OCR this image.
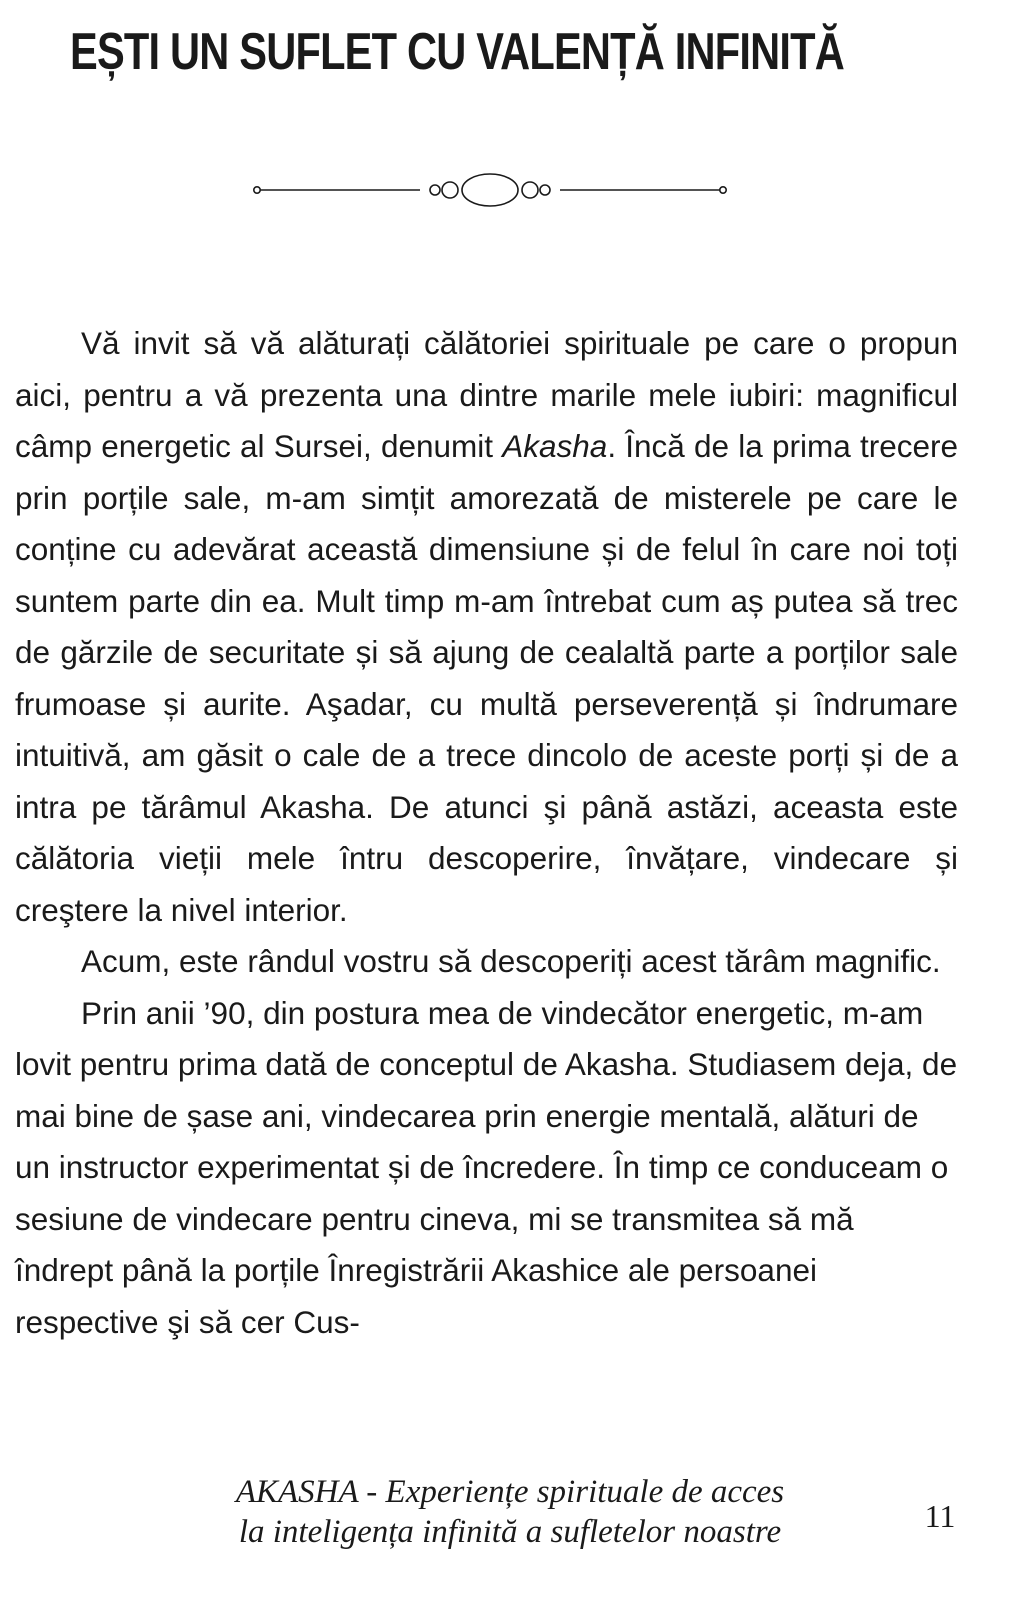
EȘTI UN SUFLET CU VALENȚĂ INFINITĂ

Vă invit să vă alăturați călătoriei spirituale pe care o propun aici, pentru a vă prezenta una dintre marile mele iubiri: magnificul câmp energetic al Sursei, denumit Akasha. Încă de la prima trecere prin porțile sale, m-am simțit amorezată de misterele pe care le conține cu adevărat această dimensiune și de felul în care noi toți suntem parte din ea. Mult timp m-am întrebat cum aș putea să trec de gărzile de securitate și să ajung de cealaltă parte a porților sale frumoase și aurite. Aşadar, cu multă perseverență și îndrumare intuitivă, am găsit o cale de a trece dincolo de aceste porți și de a intra pe tărâmul Akasha. De atunci şi până astăzi, aceasta este călătoria vieții mele întru descoperire, învățare, vindecare și creştere la nivel interior.

Acum, este rândul vostru să descoperiți acest tărâm magnific.

Prin anii ’90, din postura mea de vindecător energetic, m-am lovit pentru prima dată de conceptul de Akasha. Studiasem deja, de mai bine de șase ani, vindecarea prin energie mentală, alături de un instructor experimentat și de încredere. În timp ce conduceam o sesiune de vindecare pentru cineva, mi se transmitea să mă îndrept până la porțile Înregistrării Akashice ale persoanei respective şi să cer Cus-

AKASHA - Experiențe spirituale de acces
la inteligența infinită a sufletelor noastre	11
